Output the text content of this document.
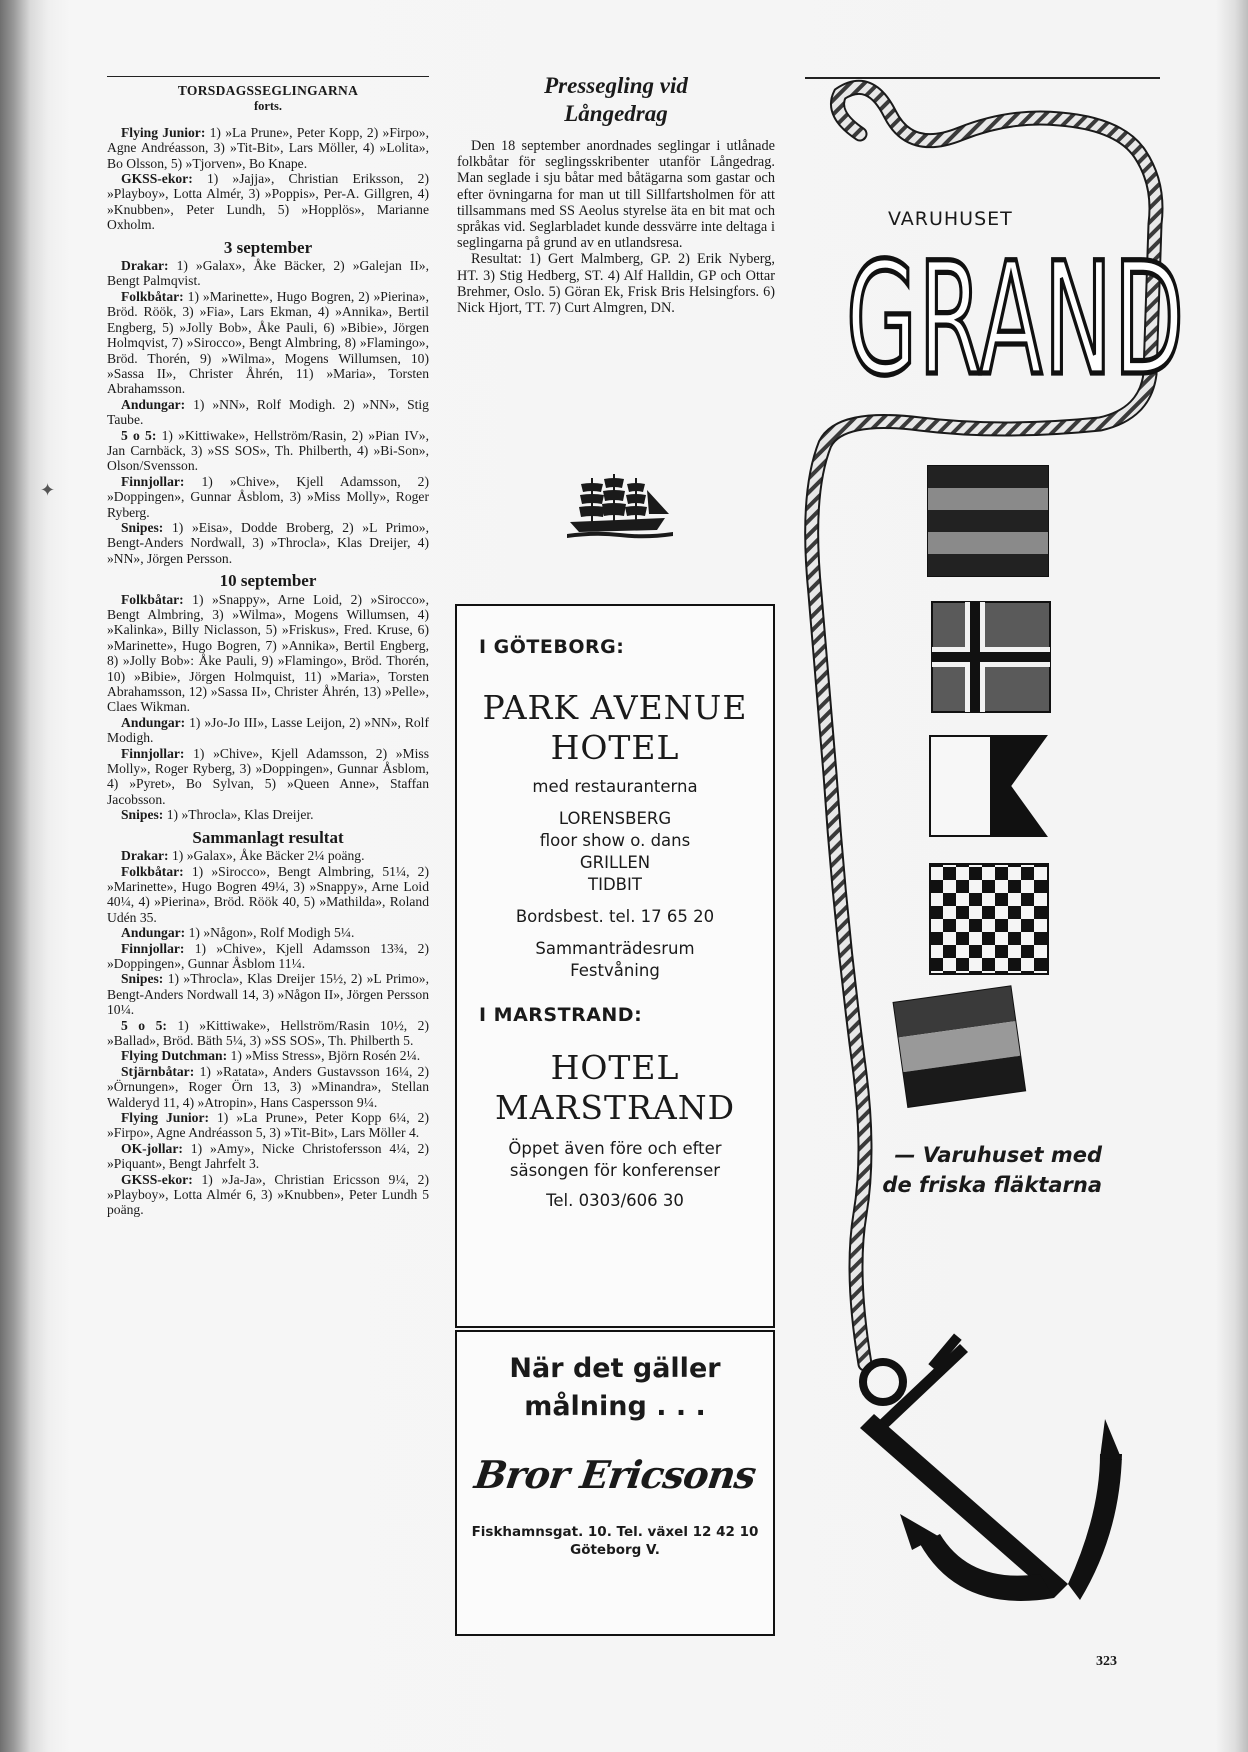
✦
TORSDAGSSEGLINGARNA
forts.

Flying Junior: 1) »La Prune», Peter Kopp, 2) »Firpo», Agne Andréasson, 3) »Tit-Bit», Lars Möller, 4) »Lolita», Bo Olsson, 5) »Tjorven», Bo Knape.

GKSS-ekor: 1) »Jajja», Christian Eriksson, 2) »Playboy», Lotta Almér, 3) »Poppis», Per-A. Gillgren, 4) »Knubben», Peter Lundh, 5) »Hopplös», Marianne Oxholm.

3 september

Drakar: 1) »Galax», Åke Bäcker, 2) »Galejan II», Bengt Palmqvist.

Folkbåtar: 1) »Marinette», Hugo Bogren, 2) »Pierina», Bröd. Röök, 3) »Fia», Lars Ekman, 4) »Annika», Bertil Engberg, 5) »Jolly Bob», Åke Pauli, 6) »Bibie», Jörgen Holmqvist, 7) »Sirocco», Bengt Almbring, 8) »Flamingo», Bröd. Thorén, 9) »Wilma», Mogens Willumsen, 10) »Sassa II», Christer Åhrén, 11) »Maria», Torsten Abrahamsson.

Andungar: 1) »NN», Rolf Modigh. 2) »NN», Stig Taube.

5 o 5: 1) »Kittiwake», Hellström/Rasin, 2) »Pian IV», Jan Carnbäck, 3) »SS SOS», Th. Philberth, 4) »Bi-Son», Olson/Svensson.

Finnjollar: 1) »Chive», Kjell Adamsson, 2) »Doppingen», Gunnar Åsblom, 3) »Miss Molly», Roger Ryberg.

Snipes: 1) »Eisa», Dodde Broberg, 2) »L Primo», Bengt-Anders Nordwall, 3) »Throcla», Klas Dreijer, 4) »NN», Jörgen Persson.

10 september

Folkbåtar: 1) »Snappy», Arne Loid, 2) »Sirocco», Bengt Almbring, 3) »Wilma», Mogens Willumsen, 4) »Kalinka», Billy Niclasson, 5) »Friskus», Fred. Kruse, 6) »Marinette», Hugo Bogren, 7) »Annika», Bertil Engberg, 8) »Jolly Bob»: Åke Pauli, 9) »Flamingo», Bröd. Thorén, 10) »Bibie», Jörgen Holmquist, 11) »Maria», Torsten Abrahamsson, 12) »Sassa II», Christer Åhrén, 13) »Pelle», Claes Wikman.

Andungar: 1) »Jo-Jo III», Lasse Leijon, 2) »NN», Rolf Modigh.

Finnjollar: 1) »Chive», Kjell Adamsson, 2) »Miss Molly», Roger Ryberg, 3) »Doppingen», Gunnar Åsblom, 4) »Pyret», Bo Sylvan, 5) »Queen Anne», Staffan Jacobsson.

Snipes: 1) »Throcla», Klas Dreijer.

Sammanlagt resultat

Drakar: 1) »Galax», Åke Bäcker 2¼ poäng.

Folkbåtar: 1) »Sirocco», Bengt Almbring, 51¼, 2) »Marinette», Hugo Bogren 49¼, 3) »Snappy», Arne Loid 40¼, 4) »Pierina», Bröd. Röök 40, 5) »Mathilda», Roland Udén 35.

Andungar: 1) »Någon», Rolf Modigh 5¼.

Finnjollar: 1) »Chive», Kjell Adamsson 13¾, 2) »Doppingen», Gunnar Åsblom 11¼.

Snipes: 1) »Throcla», Klas Dreijer 15½, 2) »L Primo», Bengt-Anders Nordwall 14, 3) »Någon II», Jörgen Persson 10¼.

5 o 5: 1) »Kittiwake», Hellström/Rasin 10½, 2) »Ballad», Bröd. Bäth 5¼, 3) »SS SOS», Th. Philberth 5.

Flying Dutchman: 1) »Miss Stress», Björn Rosén 2¼.

Stjärnbåtar: 1) »Ratata», Anders Gustavsson 16¼, 2) »Örnungen», Roger Örn 13, 3) »Minandra», Stellan Walderyd 11, 4) »Atropin», Hans Caspersson 9¼.

Flying Junior: 1) »La Prune», Peter Kopp 6¼, 2) »Firpo», Agne Andréasson 5, 3) »Tit-Bit», Lars Möller 4.

OK-jollar: 1) »Amy», Nicke Christofersson 4¼, 2) »Piquant», Bengt Jahrfelt 3.

GKSS-ekor: 1) »Ja-Ja», Christian Ericsson 9¼, 2) »Playboy», Lotta Almér 6, 3) »Knubben», Peter Lundh 5 poäng.

Pressegling vid
Långedrag

Den 18 september anordnades seglingar i utlånade folkbåtar för seglingsskribenter utanför Långedrag. Man seglade i sju båtar med båtägarna som gastar och efter övningarna for man ut till Sillfartsholmen för att tillsammans med SS Aeolus styrelse äta en bit mat och språkas vid. Seglarbladet kunde dessvärre inte deltaga i seglingarna på grund av en utlandsresa.

Resultat: 1) Gert Malmberg, GP. 2) Erik Nyberg, HT. 3) Stig Hedberg, ST. 4) Alf Halldin, GP och Ottar Brehmer, Oslo. 5) Göran Ek, Frisk Bris Helsingfors. 6) Nick Hjort, TT. 7) Curt Almgren, DN.

I GÖTEBORG:
PARK AVENUE
HOTEL
med restauranterna
LORENSBERG
floor show o. dans
GRILLEN
TIDBIT
Bordsbest. tel. 17 65 20
Sammanträdesrum
Festvåning
I MARSTRAND:
HOTEL
MARSTRAND
Öppet även före och efter
säsongen för konferenser
Tel. 0303/606 30
När det gäller
målning . . .
Bror Ericsons
Fiskhamnsgat. 10. Tel. växel 12 42 10
Göteborg V.
VARUHUSET
GRAND
— Varuhuset med
de friska fläktarna
323
